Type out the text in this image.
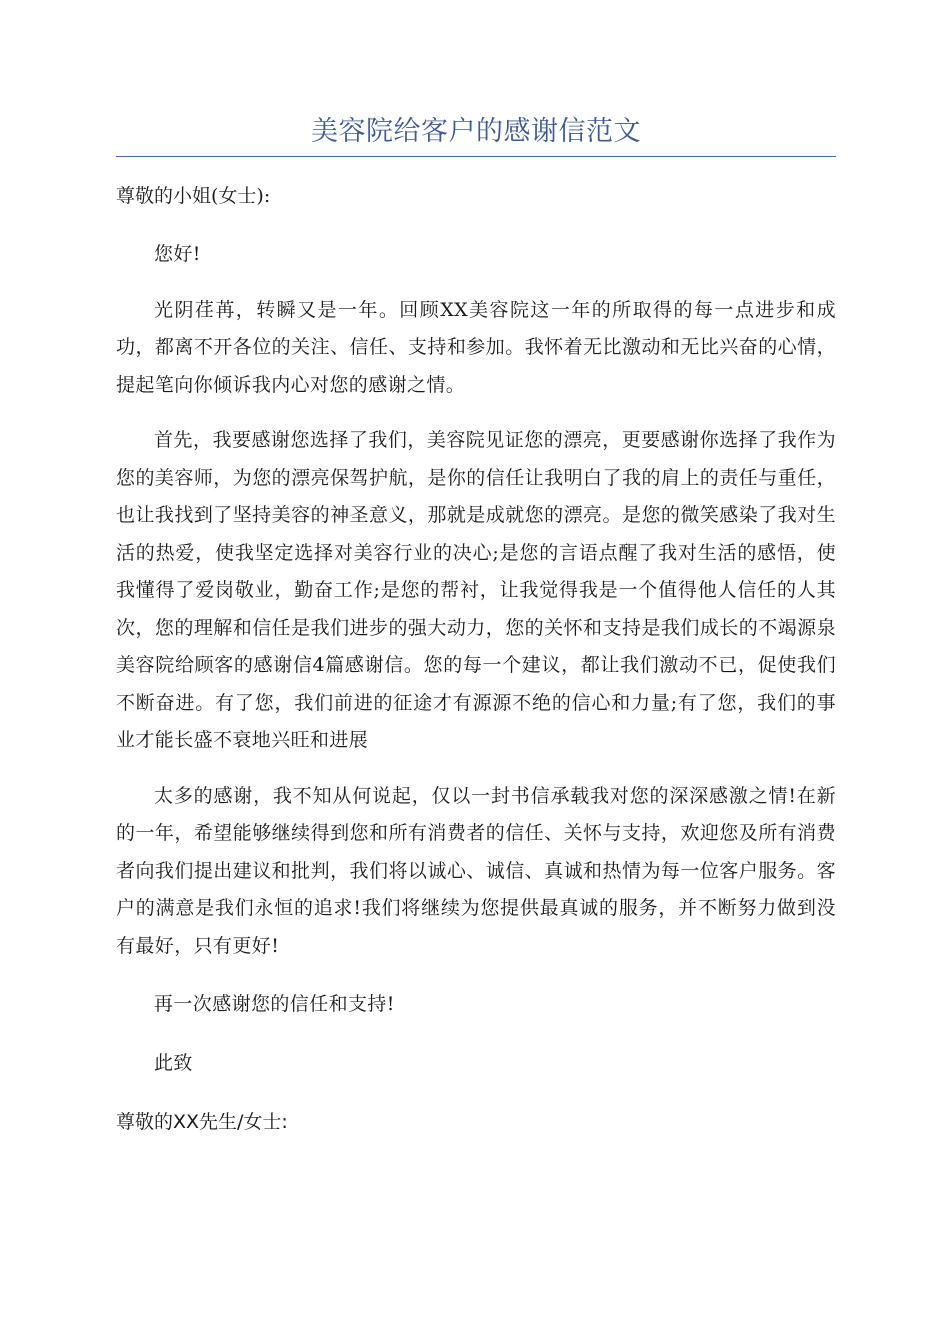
美容院给客户的感谢信范文
尊敬的小姐(女士):
您好!
光阴荏苒，转瞬又是一年。回顾XX美容院这一年的所取得的每一点进步和成功，都离不开各位的关注、信任、支持和参加。我怀着无比激动和无比兴奋的心情，提起笔向你倾诉我内心对您的感谢之情。
首先，我要感谢您选择了我们，美容院见证您的漂亮，更要感谢你选择了我作为您的美容师，为您的漂亮保驾护航，是你的信任让我明白了我的肩上的责任与重任，也让我找到了坚持美容的神圣意义，那就是成就您的漂亮。是您的微笑感染了我对生活的热爱，使我坚定选择对美容行业的决心;是您的言语点醒了我对生活的感悟，使我懂得了爱岗敬业，勤奋工作;是您的帮衬，让我觉得我是一个值得他人信任的人其次，您的理解和信任是我们进步的强大动力，您的关怀和支持是我们成长的不竭源泉美容院给顾客的感谢信4篇感谢信。您的每一个建议，都让我们激动不已，促使我们不断奋进。有了您，我们前进的征途才有源源不绝的信心和力量;有了您，我们的事业才能长盛不衰地兴旺和进展
太多的感谢，我不知从何说起，仅以一封书信承载我对您的深深感激之情!在新的一年，希望能够继续得到您和所有消费者的信任、关怀与支持，欢迎您及所有消费者向我们提出建议和批判，我们将以诚心、诚信、真诚和热情为每一位客户服务。客户的满意是我们永恒的追求!我们将继续为您提供最真诚的服务，并不断努力做到没有最好，只有更好!
再一次感谢您的信任和支持!
此致
尊敬的XX先生/女士:
